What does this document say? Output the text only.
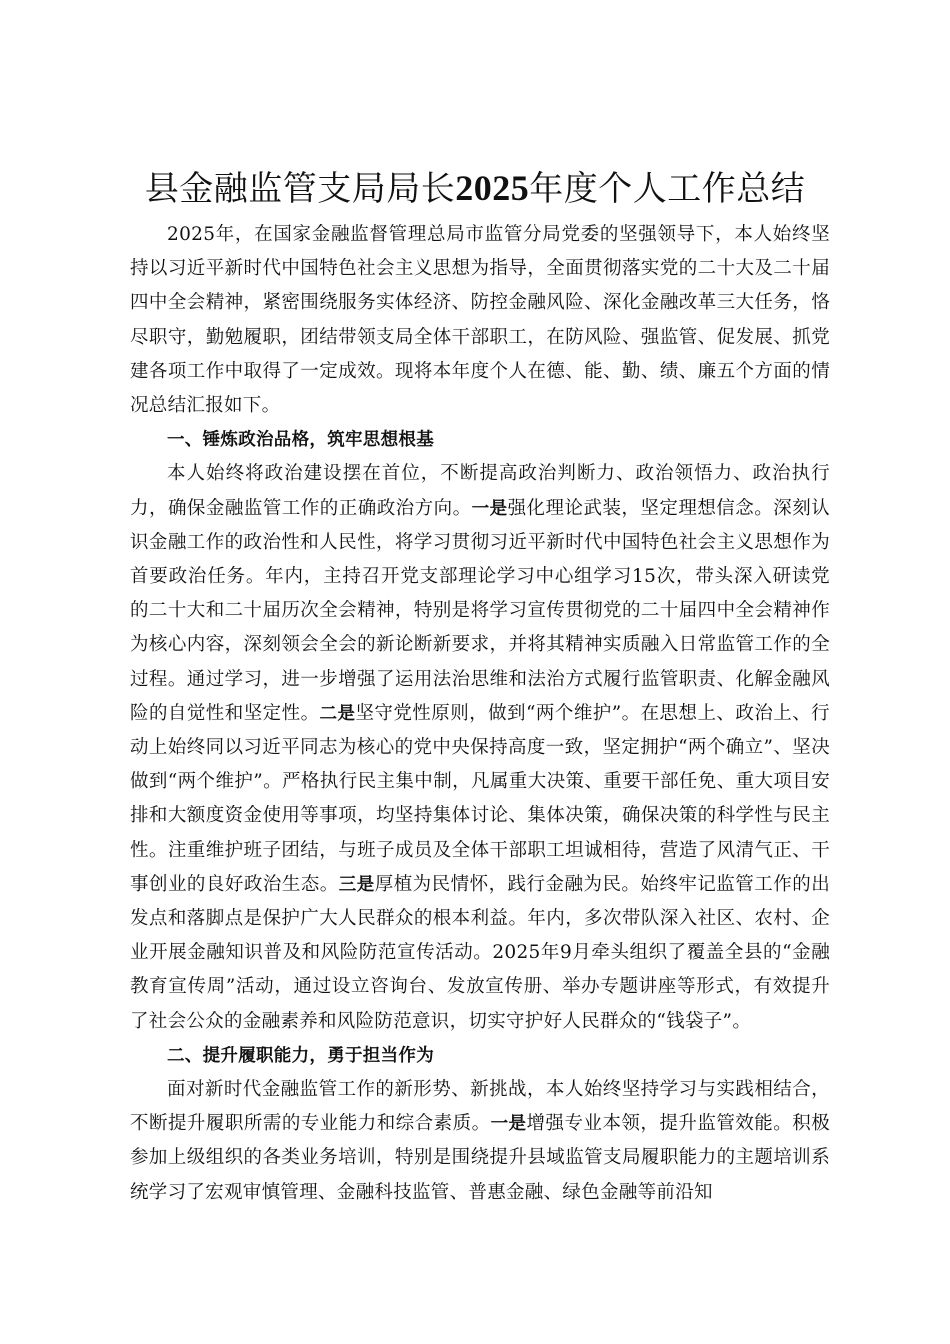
县金融监管支局局长2025年度个人工作总结

2025年，在国家金融监督管理总局市监管分局党委的坚强领导下，本人始终坚持以习近平新时代中国特色社会主义思想为指导，全面贯彻落实党的二十大及二十届四中全会精神，紧密围绕服务实体经济、防控金融风险、深化金融改革三大任务，恪尽职守，勤勉履职，团结带领支局全体干部职工，在防风险、强监管、促发展、抓党建各项工作中取得了一定成效。现将本年度个人在德、能、勤、绩、廉五个方面的情况总结汇报如下。

一、锤炼政治品格，筑牢思想根基

本人始终将政治建设摆在首位，不断提高政治判断力、政治领悟力、政治执行力，确保金融监管工作的正确政治方向。一是强化理论武装，坚定理想信念。深刻认识金融工作的政治性和人民性，将学习贯彻习近平新时代中国特色社会主义思想作为首要政治任务。年内，主持召开党支部理论学习中心组学习15次，带头深入研读党的二十大和二十届历次全会精神，特别是将学习宣传贯彻党的二十届四中全会精神作为核心内容，深刻领会全会的新论断新要求，并将其精神实质融入日常监管工作的全过程。通过学习，进一步增强了运用法治思维和法治方式履行监管职责、化解金融风险的自觉性和坚定性。二是坚守党性原则，做到“两个维护”。在思想上、政治上、行动上始终同以习近平同志为核心的党中央保持高度一致，坚定拥护“两个确立”、坚决做到“两个维护”。严格执行民主集中制，凡属重大决策、重要干部任免、重大项目安排和大额度资金使用等事项，均坚持集体讨论、集体决策，确保决策的科学性与民主性。注重维护班子团结，与班子成员及全体干部职工坦诚相待，营造了风清气正、干事创业的良好政治生态。三是厚植为民情怀，践行金融为民。始终牢记监管工作的出发点和落脚点是保护广大人民群众的根本利益。年内，多次带队深入社区、农村、企业开展金融知识普及和风险防范宣传活动。2025年9月牵头组织了覆盖全县的“金融教育宣传周”活动，通过设立咨询台、发放宣传册、举办专题讲座等形式，有效提升了社会公众的金融素养和风险防范意识，切实守护好人民群众的“钱袋子”。

二、提升履职能力，勇于担当作为

面对新时代金融监管工作的新形势、新挑战，本人始终坚持学习与实践相结合，不断提升履职所需的专业能力和综合素质。一是增强专业本领，提升监管效能。积极参加上级组织的各类业务培训，特别是围绕提升县域监管支局履职能力的主题培训系统学习了宏观审慎管理、金融科技监管、普惠金融、绿色金融等前沿知
